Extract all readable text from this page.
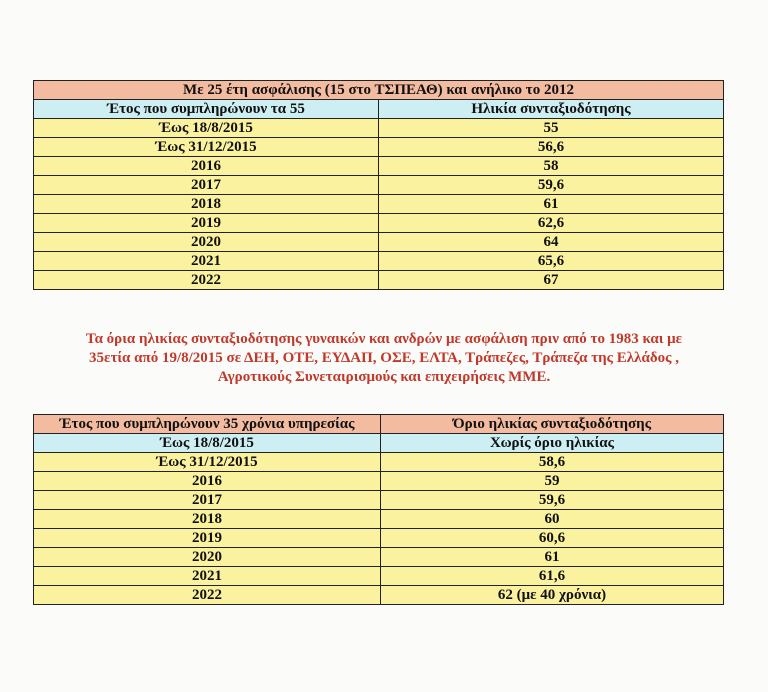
Με 25 έτη ασφάλισης (15 στο ΤΣΠΕΑΘ) και ανήλικο το 2012	
Έτος που συμπληρώνουν τα 55	Ηλικία συνταξιοδότησης
Έως 18/8/2015	55
Έως 31/12/2015	56,6
2016	58
2017	59,6
2018	61
2019	62,6
2020	64
2021	65,6
2022	67
Τα όρια ηλικίας συνταξιοδότησης γυναικών και ανδρών με ασφάλιση πριν από το 1983 και με
35ετία από 19/8/2015 σε ΔΕΗ, ΟΤΕ, ΕΥΔΑΠ, ΟΣΕ, ΕΛΤΑ, Τράπεζες, Τράπεζα της Ελλάδος ,
Αγροτικούς Συνεταιρισμούς και επιχειρήσεις ΜΜΕ.
Έτος που συμπληρώνουν 35 χρόνια υπηρεσίας	Όριο ηλικίας συνταξιοδότησης
Έως 18/8/2015	Χωρίς όριο ηλικίας
Έως 31/12/2015	58,6
2016	59
2017	59,6
2018	60
2019	60,6
2020	61
2021	61,6
2022	62 (με 40 χρόνια)
